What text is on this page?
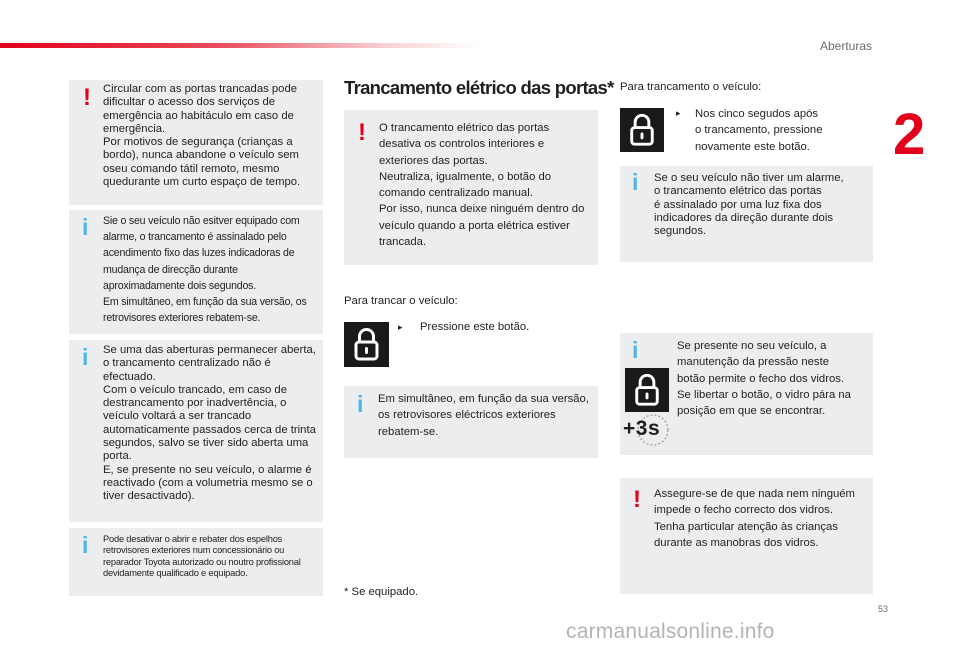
Aberturas
2
! Circular com as portas trancadas pode dificultar o acesso dos serviços de emergência ao habitáculo em caso de emergência.
Por motivos de segurança (crianças a bordo), nunca abandone o veículo sem oseu comando tátil remoto, mesmo quedurante um curto espaço de tempo.
i Sie o seu veículo não esitver equipado com alarme, o trancamento é assinalado pelo acendimento fixo das luzes indicadoras de mudança de direcção durante aproximadamente dois segundos.
Em simultâneo, em função da sua versão, os retrovisores exteriores rebatem-se.
i Se uma das aberturas permanecer aberta, o trancamento centralizado não é efectuado.
Com o veículo trancado, em caso de destrancamento por inadvertência, o veículo voltará a ser trancado automaticamente passados cerca de trinta segundos, salvo se tiver sido aberta uma porta.
E, se presente no seu veículo, o alarme é reactivado (com a volumetria mesmo se o tiver desactivado).
i Pode desativar o abrir e rebater dos espelhos retrovisores exteriores num concessionário ou reparador Toyota autorizado ou noutro profissional devidamente qualificado e equipado.
Trancamento elétrico das portas*
! O trancamento elétrico das portas desativa os controlos interiores e exteriores das portas.
Neutraliza, igualmente, o botão do comando centralizado manual.
Por isso, nunca deixe ninguém dentro do veículo quando a porta elétrica estiver trancada.
Para trancar o veículo:
▸ Pressione este botão.
i Em simultâneo, em função da sua versão, os retrovisores eléctricos exteriores rebatem-se.
* Se equipado.
Para trancamento o veículo:
▸ Nos cinco segudos após
o trancamento, pressione
novamente este botão.
i Se o seu veículo não tiver um alarme,
o trancamento elétrico das portas
é assinalado por uma luz fixa dos
indicadores da direção durante dois
segundos.
i
+3s
Se presente no seu veículo, a
manutenção da pressão neste
botão permite o fecho dos vidros.
Se libertar o botão, o vidro pára na
posição em que se encontrar.
! Assegure-se de que nada nem ninguém impede o fecho correcto dos vidros.
Tenha particular atenção às crianças durante as manobras dos vidros.
53
carmanualsonline.info
